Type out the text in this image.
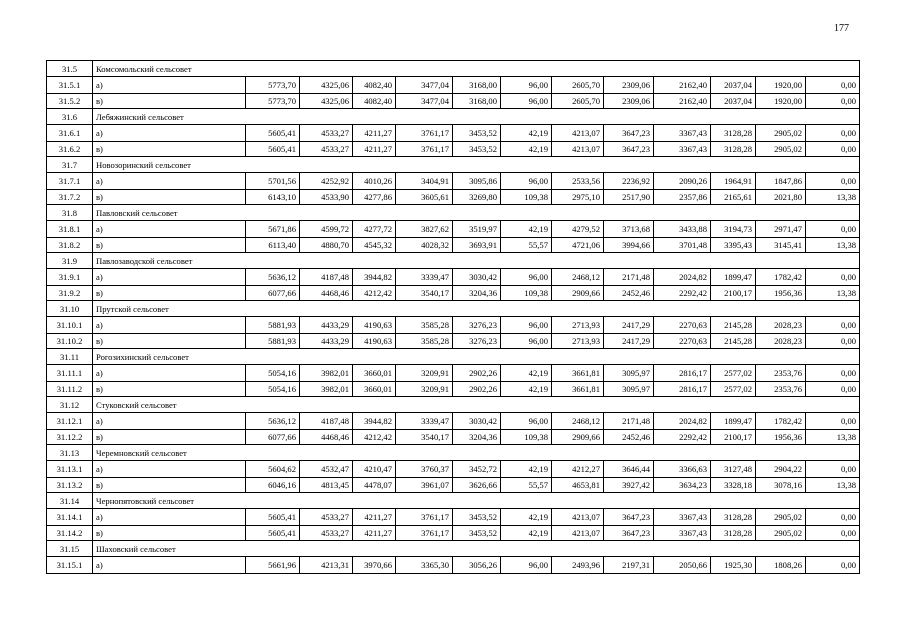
177
31.5	Комсомольский сельсовет												
31.5.1	а)	5773,70	4325,06	4082,40	3477,04	3168,00	96,00	2605,70	2309,06	2162,40	2037,04	1920,00	0,00
31.5.2	в)	5773,70	4325,06	4082,40	3477,04	3168,00	96,00	2605,70	2309,06	2162,40	2037,04	1920,00	0,00
31.6	Лебяжинский сельсовет												
31.6.1	а)	5605,41	4533,27	4211,27	3761,17	3453,52	42,19	4213,07	3647,23	3367,43	3128,28	2905,02	0,00
31.6.2	в)	5605,41	4533,27	4211,27	3761,17	3453,52	42,19	4213,07	3647,23	3367,43	3128,28	2905,02	0,00
31.7	Новозоринский сельсовет												
31.7.1	а)	5701,56	4252,92	4010,26	3404,91	3095,86	96,00	2533,56	2236,92	2090,26	1964,91	1847,86	0,00
31.7.2	в)	6143,10	4533,90	4277,86	3605,61	3269,80	109,38	2975,10	2517,90	2357,86	2165,61	2021,80	13,38
31.8	Павловский сельсовет												
31.8.1	а)	5671,86	4599,72	4277,72	3827,62	3519,97	42,19	4279,52	3713,68	3433,88	3194,73	2971,47	0,00
31.8.2	в)	6113,40	4880,70	4545,32	4028,32	3693,91	55,57	4721,06	3994,66	3701,48	3395,43	3145,41	13,38
31.9	Павлозаводской сельсовет												
31.9.1	а)	5636,12	4187,48	3944,82	3339,47	3030,42	96,00	2468,12	2171,48	2024,82	1899,47	1782,42	0,00
31.9.2	в)	6077,66	4468,46	4212,42	3540,17	3204,36	109,38	2909,66	2452,46	2292,42	2100,17	1956,36	13,38
31.10	Прутской сельсовет												
31.10.1	а)	5881,93	4433,29	4190,63	3585,28	3276,23	96,00	2713,93	2417,29	2270,63	2145,28	2028,23	0,00
31.10.2	в)	5881,93	4433,29	4190,63	3585,28	3276,23	96,00	2713,93	2417,29	2270,63	2145,28	2028,23	0,00
31.11	Рогозихинский сельсовет												
31.11.1	а)	5054,16	3982,01	3660,01	3209,91	2902,26	42,19	3661,81	3095,97	2816,17	2577,02	2353,76	0,00
31.11.2	в)	5054,16	3982,01	3660,01	3209,91	2902,26	42,19	3661,81	3095,97	2816,17	2577,02	2353,76	0,00
31.12	Стуковский сельсовет												
31.12.1	а)	5636,12	4187,48	3944,82	3339,47	3030,42	96,00	2468,12	2171,48	2024,82	1899,47	1782,42	0,00
31.12.2	в)	6077,66	4468,46	4212,42	3540,17	3204,36	109,38	2909,66	2452,46	2292,42	2100,17	1956,36	13,38
31.13	Черемновский сельсовет												
31.13.1	а)	5604,62	4532,47	4210,47	3760,37	3452,72	42,19	4212,27	3646,44	3366,63	3127,48	2904,22	0,00
31.13.2	в)	6046,16	4813,45	4478,07	3961,07	3626,66	55,57	4653,81	3927,42	3634,23	3328,18	3078,16	13,38
31.14	Чернопятовский сельсовет												
31.14.1	а)	5605,41	4533,27	4211,27	3761,17	3453,52	42,19	4213,07	3647,23	3367,43	3128,28	2905,02	0,00
31.14.2	в)	5605,41	4533,27	4211,27	3761,17	3453,52	42,19	4213,07	3647,23	3367,43	3128,28	2905,02	0,00
31.15	Шаховский сельсовет												
31.15.1	а)	5661,96	4213,31	3970,66	3365,30	3056,26	96,00	2493,96	2197,31	2050,66	1925,30	1808,26	0,00
